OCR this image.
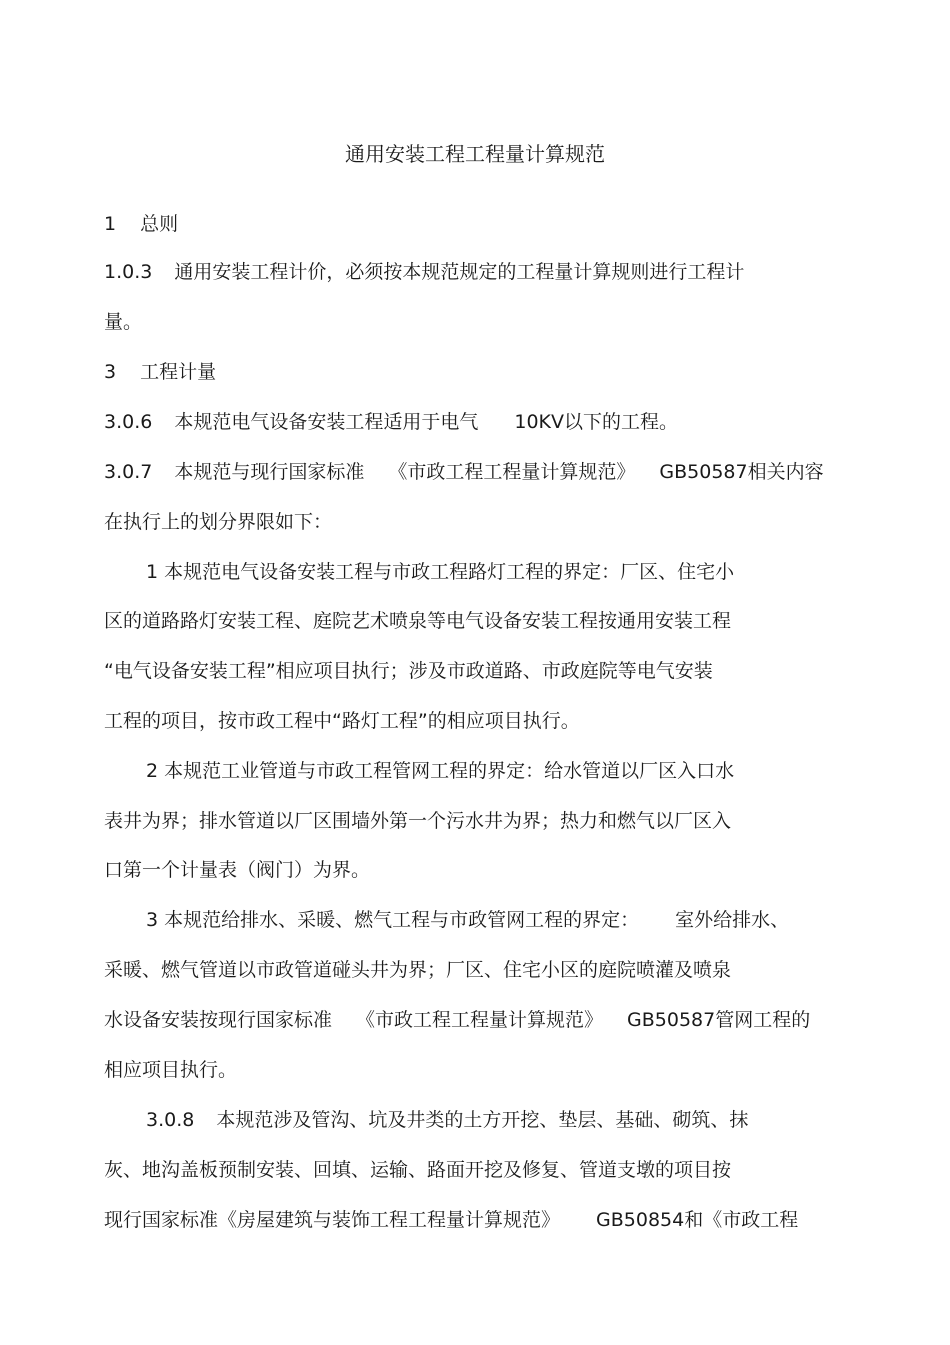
通用安装工程工程量计算规范
1 总则
1.0.3 通用安装工程计价，必须按本规范规定的工程量计算规则进行工程计
量。
3 工程计量
3.0.6 本规范电气设备安装工程适用于电气 10KV以下的工程。
3.0.7 本规范与现行国家标准 《市政工程工程量计算规范》 GB50587相关内容
在执行上的划分界限如下：
1 本规范电气设备安装工程与市政工程路灯工程的界定：厂区、住宅小
区的道路路灯安装工程、庭院艺术喷泉等电气设备安装工程按通用安装工程
“电气设备安装工程”相应项目执行；涉及市政道路、市政庭院等电气安装
工程的项目，按市政工程中“路灯工程”的相应项目执行。
2 本规范工业管道与市政工程管网工程的界定：给水管道以厂区入口水
表井为界；排水管道以厂区围墙外第一个污水井为界；热力和燃气以厂区入
口第一个计量表（阀门）为界。
3 本规范给排水、采暖、燃气工程与市政管网工程的界定： 室外给排水、
采暖、燃气管道以市政管道碰头井为界；厂区、住宅小区的庭院喷灌及喷泉
水设备安装按现行国家标准 《市政工程工程量计算规范》 GB50587管网工程的
相应项目执行。
3.0.8 本规范涉及管沟、坑及井类的土方开挖、垫层、基础、砌筑、抹
灰、地沟盖板预制安装、回填、运输、路面开挖及修复、管道支墩的项目按
现行国家标准《房屋建筑与装饰工程工程量计算规范》 GB50854和《市政工程
